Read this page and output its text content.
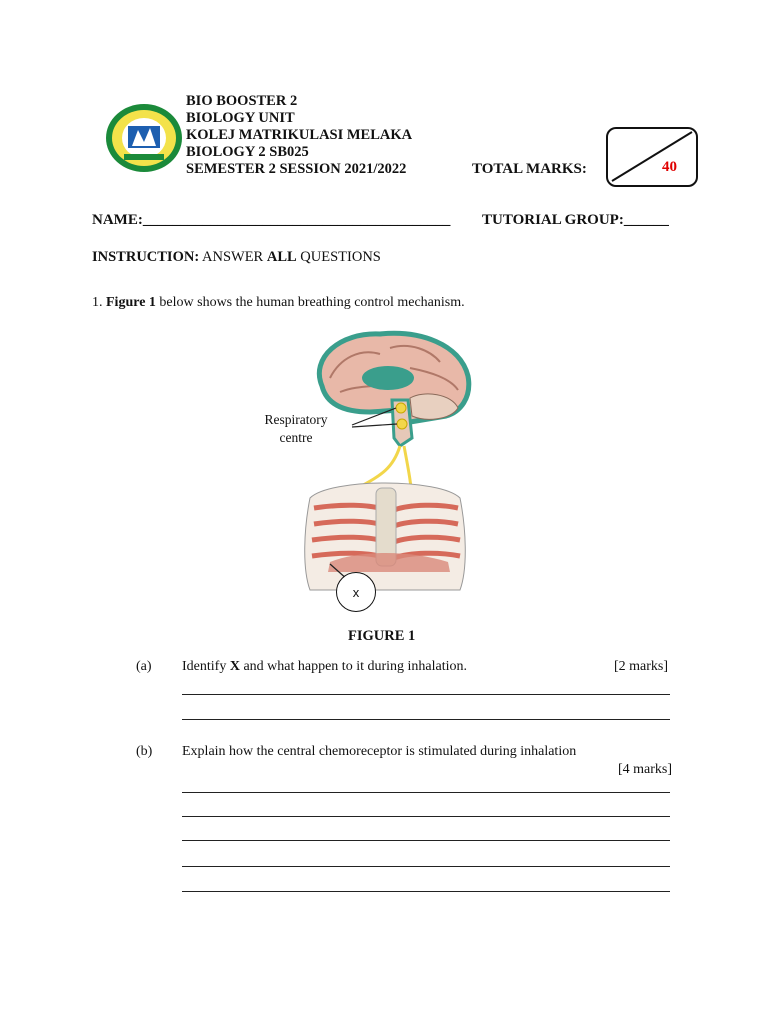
BIO BOOSTER 2
BIOLOGY UNIT
KOLEJ MATRIKULASI MELAKA
BIOLOGY 2 SB025
SEMESTER 2 SESSION 2021/2022	TOTAL MARKS:	40
NAME:_________________________________________ TUTORIAL GROUP:______
INSTRUCTION: ANSWER ALL QUESTIONS
1. Figure 1 below shows the human breathing control mechanism.
Respiratory centre
x
FIGURE 1
(a) Identify X and what happen to it during inhalation.	[2 marks]
(b) Explain how the central chemoreceptor is stimulated during inhalation
[4 marks]
